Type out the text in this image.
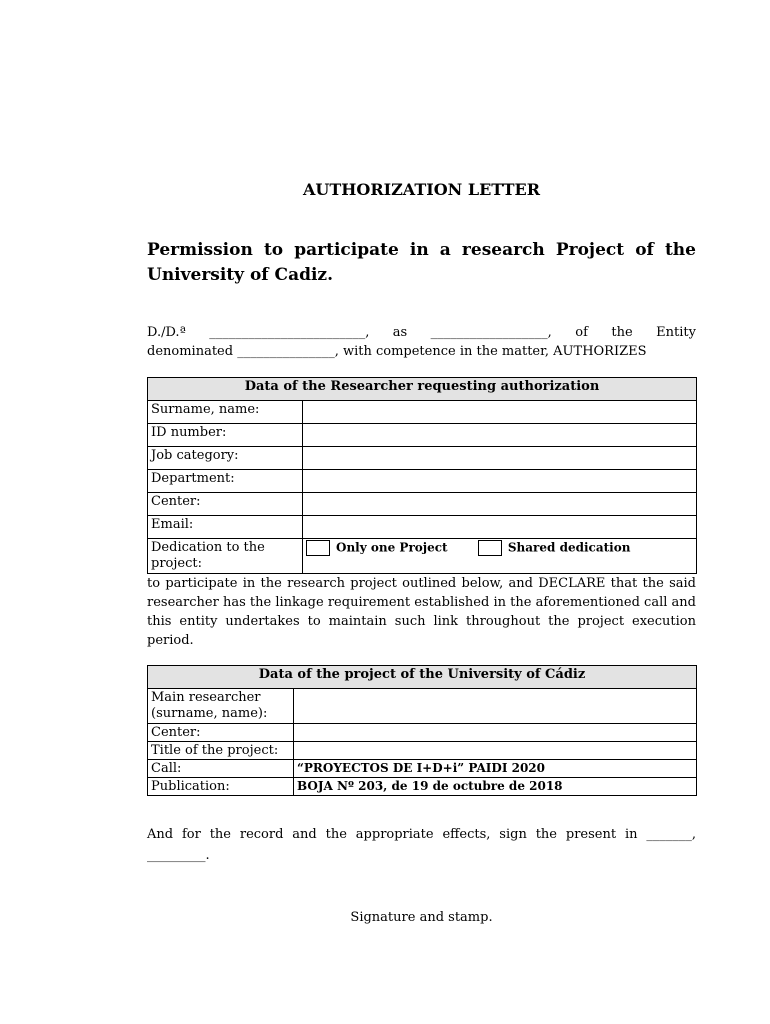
AUTHORIZATION LETTER
Permission to participate in a research Project of the
University of Cadiz.
D./D.ª ________________________, as __________________, of the Entity
denominated _______________, with competence in the matter, AUTHORIZES
Data of the Researcher requesting authorization	
Surname, name:	
ID number:	
Job category:	
Department:	
Center:	
Email:	
Dedication to the project:	Only one Project Shared dedication
to participate in the research project outlined below, and DECLARE that the said researcher has the linkage requirement established in the aforementioned call and this entity undertakes to maintain such link throughout the project execution period.
Data of the project of the University of Cádiz	
Main researcher (surname, name):	
Center:	
Title of the project:	
Call:	“PROYECTOS DE I+D+i” PAIDI 2020
Publication:	BOJA Nº 203, de 19 de octubre de 2018
And for the record and the appropriate effects, sign the present in _______, _________.
Signature and stamp.
